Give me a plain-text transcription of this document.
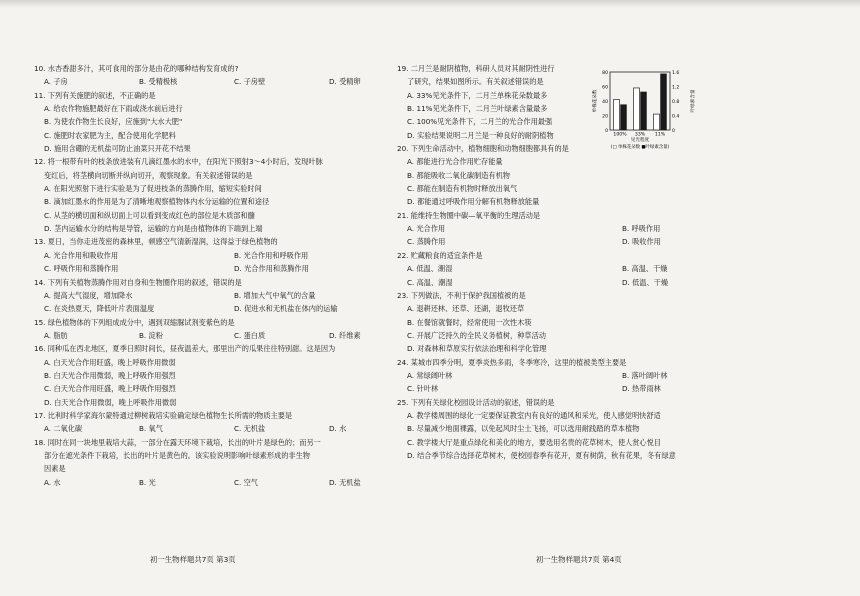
10. 水杏香甜多汁，其可食用的部分是由花的哪种结构发育成的?
A. 子房	B. 受精极核	C. 子房壁	D. 受精卵
11. 下列有关施肥的叙述，不正确的是
A. 给农作物施肥最好在下雨或浇水前后进行
B. 为使农作物生长良好，应施到"大水大肥"
C. 施肥时农家肥为主，配合使用化学肥料
D. 施用含硼的无机盐可防止油菜只开花不结果
12. 将一根带有叶的枝条放进装有几滴红墨水的水中，在阳光下照射3～4小时后，发现叶脉
变红后，将茎横向切断并纵向切开，观察现象。有关叙述错误的是
A. 在阳光照射下进行实验是为了促进枝条的蒸腾作用，缩短实验时间
B. 滴加红墨水的作用是为了清晰地观察植物体内水分运输的位置和途径
C. 从茎的横切面和纵切面上可以看到变成红色的部位是木质部和髓
D. 茎内运输水分的结构是导管，运输的方向是由植物体的下端到上端
13. 夏日，当你走进茂密的森林里，顿感空气清新湿润，这得益于绿色植物的
A. 光合作用和吸收作用	B. 光合作用和呼吸作用
C. 呼吸作用和蒸腾作用	D. 光合作用和蒸腾作用
14. 下列有关植物蒸腾作用对自身和生物圈作用的叙述，错误的是
A. 提高大气湿度，增加降水	B. 增加大气中氧气的含量
C. 在炎热夏天，降低叶片表面温度	D. 促进水和无机盐在体内的运输
15. 绿色植物体的下列组成成分中，遇到双缩脲试剂变紫色的是
A. 脂肪	B. 淀粉	C. 蛋白质	D. 纤维素
16. 同种瓜在西北地区，夏季日照时间长，昼夜温差大，那里出产的瓜果往往特别甜。这是因为
A. 白天光合作用旺盛，晚上呼吸作用微弱
B. 白天光合作用微弱，晚上呼吸作用强烈
C. 白天光合作用旺盛，晚上呼吸作用强烈
D. 白天光合作用微弱，晚上呼吸作用微弱
17. 比利时科学家海尔蒙特通过柳树栽培实验确定绿色植物生长所需的物质主要是
A. 二氧化碳	B. 氧气	C. 无机盐	D. 水
18. 同时在同一块地里栽培大蒜，一部分在露天环境下栽培，长出的叶片是绿色的；而另一
部分在遮光条件下栽培，长出的叶片是黄色的。该实验说明影响叶绿素形成的非生物
因素是
A. 水	B. 光	C. 空气	D. 无机盐
初一生物样题共7页 第3页
19. 二月兰是耐阴植物，科研人员对其耐阴性进行
了研究，结果如图所示。有关叙述错误的是
A. 33%见光条件下，二月兰单株花朵数最多
B. 11%见光条件下，二月兰叶绿素含量最多
C. 100%见光条件下，二月兰的光合作用最强
D. 实验结果说明二月兰是一种良好的耐阴植物
20. 下列生命活动中，植物细胞和动物细胞都具有的是
A. 都能进行光合作用贮存能量
B. 都能吸收二氧化碳制造有机物
C. 都能在制造有机物时释放出氧气
D. 都能通过呼吸作用分解有机物释放能量
21. 能维持生物圈中碳—氧平衡的生理活动是
A. 光合作用	B. 呼吸作用
C. 蒸腾作用	D. 吸收作用
22. 贮藏粮食的适宜条件是
A. 低温、潮湿	B. 高温、干燥
C. 高温、潮湿	D. 低温、干燥
23. 下列做法，不利于保护我国植被的是
A. 退耕还林、还草、还湖，退牧还草
B. 在餐馆就餐时，经常使用一次性木筷
C. 开展广泛持久的全民义务植树，种草活动
D. 对森林和草原实行依法治理和科学化管理
24. 某城市四季分明，夏季炎热多雨，冬季寒冷，这里的植被类型主要是
A. 常绿阔叶林	B. 落叶阔叶林
C. 针叶林	D. 热带雨林
25. 下列有关绿化校园设计活动的叙述，错误的是
A. 教学楼周围的绿化一定要保证教室内有良好的通风和采光，使人感觉明快舒适
B. 尽量减少地面裸露，以免起风时尘土飞扬，可以选用耐践踏的草本植物
C. 教学楼大厅是重点绿化和美化的地方，要选用名贵的花草树木，使人赏心悦目
D. 结合季节综合选择花草树木，使校园春季有花开，夏有树荫，秋有花果，冬有绿意
初一生物样题共7页 第4页
0
20
40
60
80
0
0.4
0.8
1.2
1.6
单株花朵数	叶绿素含量
100% 33% 11%
见光程度
(□ 单株花朵数 ■叶绿素含量)
